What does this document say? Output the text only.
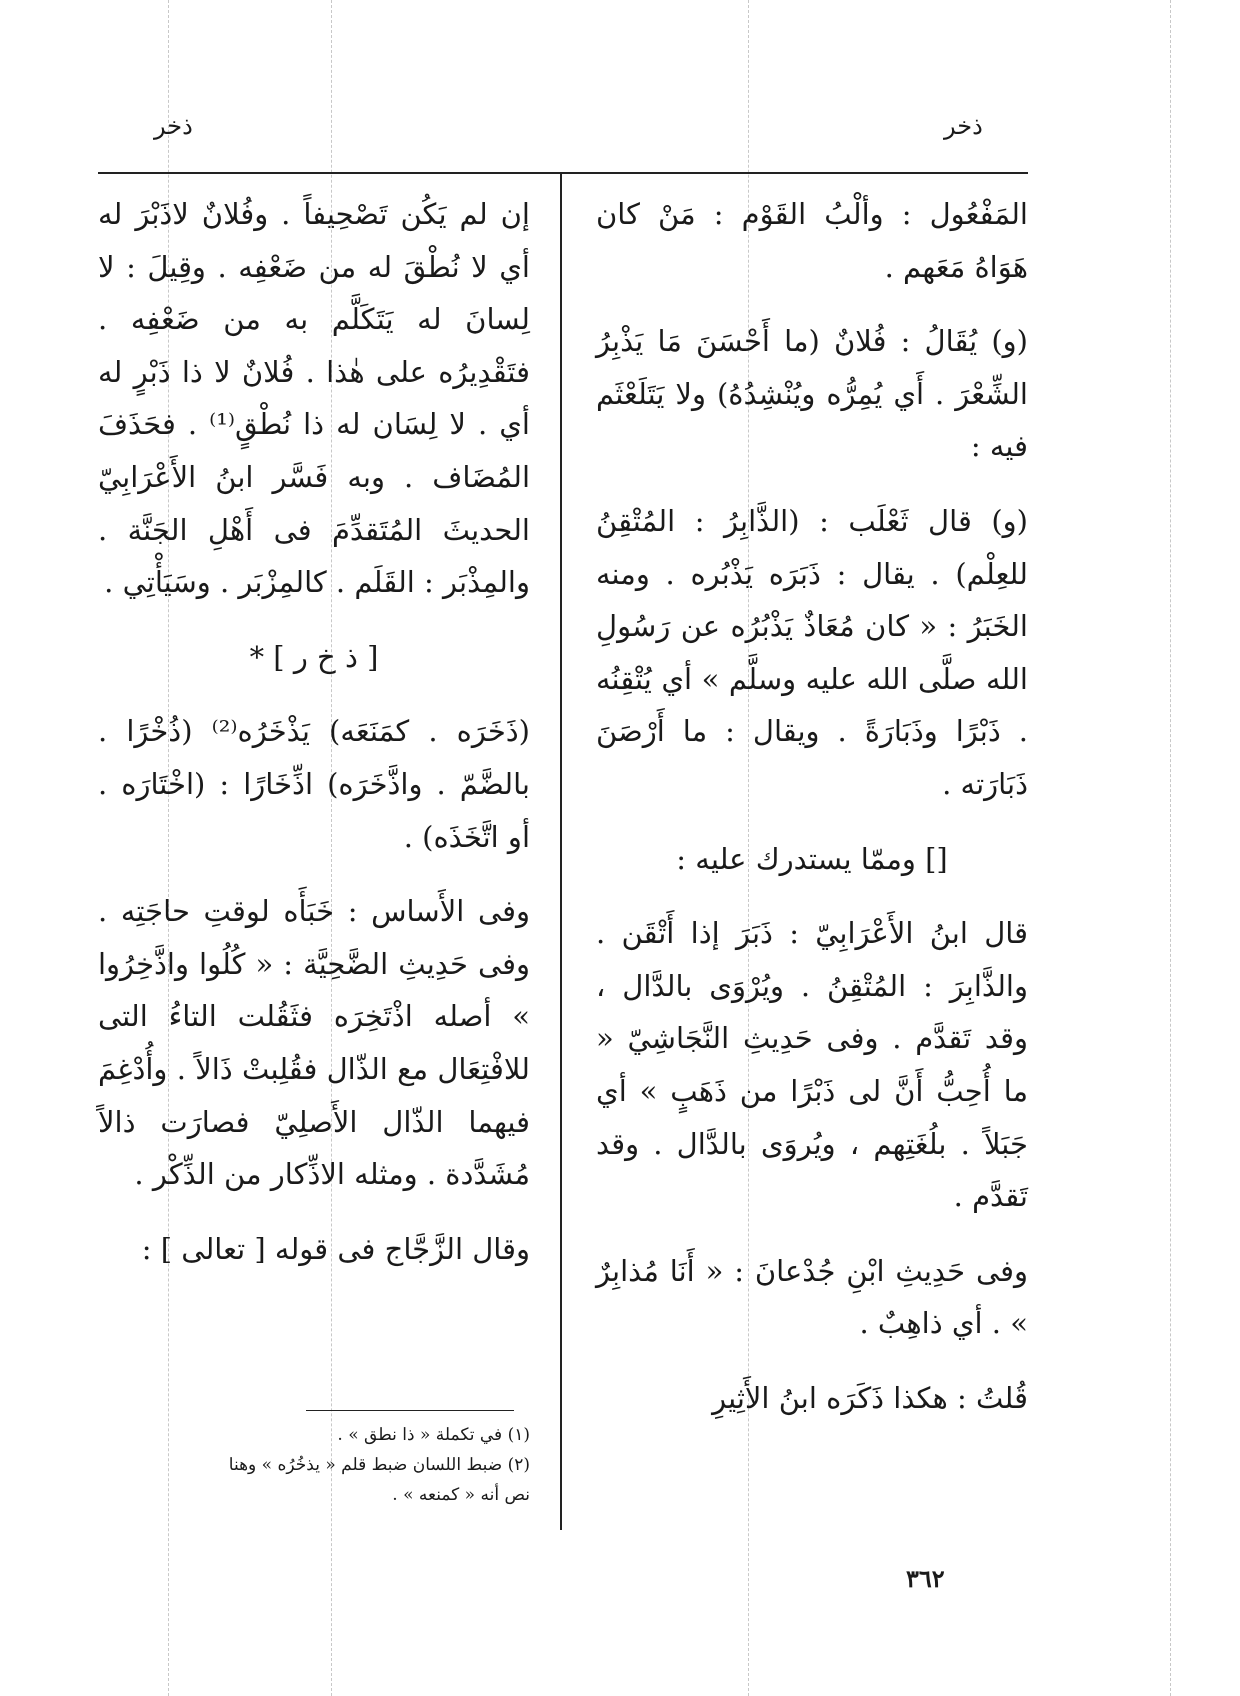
ذخر
ذخر

المَفْعُول : وألْبُ القَوْم : مَنْ كان هَوَاهُ مَعَهم .

(و) يُقَالُ : فُلانٌ (ما أَحْسَنَ مَا يَذْبِرُ الشِّعْرَ . أَي يُمِرُّه ويُنْشِدُهُ) ولا يَتَلَعْثَم فيه :

(و) قال ثَعْلَب : (الذَّابِرُ : المُتْقِنُ للعِلْم) . يقال : ذَبَرَه يَذْبُره . ومنه الخَبَرُ : « كان مُعَاذٌ يَذْبُرُه عن رَسُولِ الله صلَّى الله عليه وسلَّم » أي يُتْقِنُه . ذَبْرًا وذَبَارَةً . ويقال : ما أَرْصَنَ ذَبَارَته .

[] وممّا يستدرك عليه :

قال ابنُ الأَعْرَابِيّ : ذَبَرَ إذا أَتْقَن . والذَّابِرَ : المُتْقِنُ . ويُرْوَى بالدَّال ، وقد تَقدَّم . وفى حَدِيثِ النَّجَاشِيّ « ما أُحِبُّ أَنَّ لى ذَبْرًا من ذَهَبٍ » أي جَبَلاً . بلُغَتِهم ، ويُروَى بالدَّال . وقد تَقدَّم .

وفى حَدِيثِ ابْنِ جُدْعانَ : « أَنَا مُذابِرٌ » . أي ذاهِبٌ .

قُلتُ : هكذا ذَكَرَه ابنُ الأَثِيرِ

إن لم يَكُن تَصْحِيفاً . وفُلانٌ لاذَبْرَ له أي لا نُطْقَ له من ضَعْفِه . وقِيلَ : لا لِسانَ له يَتَكَلَّم به من ضَعْفِه . فتَقْدِيرُه على هٰذا . فُلانٌ لا ذا ذَبْرٍ له أي . لا لِسَان له ذا نُطْقٍ⁽¹⁾ . فحَذَفَ المُضَاف . وبه فَسَّر ابنُ الأَعْرَابِيّ الحديثَ المُتَقدِّمَ فى أَهْلِ الجَنَّة . والمِذْبَر : القَلَم . كالمِزْبَر . وسَيَأْتِي .

[ ذ خ ر ] *

(ذَخَرَه . كمَنَعَه) يَذْخَرُه⁽²⁾ (ذُخْرًا . بالضَّمّ . واذَّخَرَه) اذِّخَارًا : (اخْتَارَه . أو اتَّخَذَه) .

وفى الأَساس : خَبَأَه لوقتِ حاجَتِه . وفى حَدِيثِ الضَّحِيَّة : « كُلُوا واذَّخِرُوا » أصله اذْتَخِرَه فثَقُلت التاءُ التى للافْتِعَال مع الذّال فقُلِبتْ ذَالاً . وأُدْغِمَ فيهما الذّال الأَصلِيّ فصارَت ذالاً مُشَدَّدة . ومثله الاذِّكار من الذِّكْر .

وقال الزَّجَّاج فى قوله [ تعالى ] :

(١) في تكملة « ذا نطق » .
(٢) ضبط اللسان ضبط قلم « يذخُرُه » وهنا نص أنه « كمنعه » .
٣٦٢
